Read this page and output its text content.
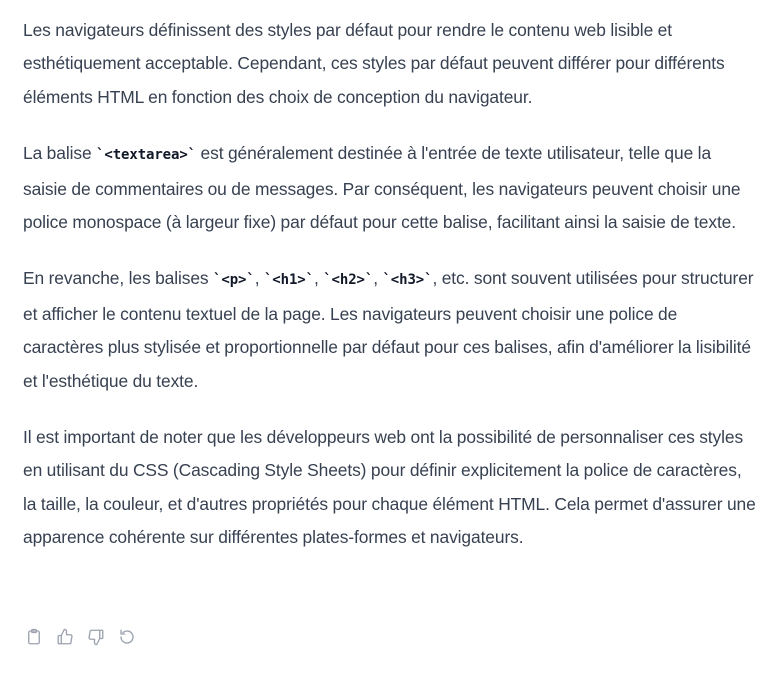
Les navigateurs définissent des styles par défaut pour rendre le contenu web lisible et esthétiquement acceptable. Cependant, ces styles par défaut peuvent différer pour différents éléments HTML en fonction des choix de conception du navigateur.

La balise `<textarea>` est généralement destinée à l'entrée de texte utilisateur, telle que la saisie de commentaires ou de messages. Par conséquent, les navigateurs peuvent choisir une police monospace (à largeur fixe) par défaut pour cette balise, facilitant ainsi la saisie de texte.

En revanche, les balises `<p>`, `<h1>`, `<h2>`, `<h3>`, etc. sont souvent utilisées pour structurer et afficher le contenu textuel de la page. Les navigateurs peuvent choisir une police de caractères plus stylisée et proportionnelle par défaut pour ces balises, afin d'améliorer la lisibilité et l'esthétique du texte.

Il est important de noter que les développeurs web ont la possibilité de personnaliser ces styles en utilisant du CSS (Cascading Style Sheets) pour définir explicitement la police de caractères, la taille, la couleur, et d'autres propriétés pour chaque élément HTML. Cela permet d'assurer une apparence cohérente sur différentes plates-formes et navigateurs.
